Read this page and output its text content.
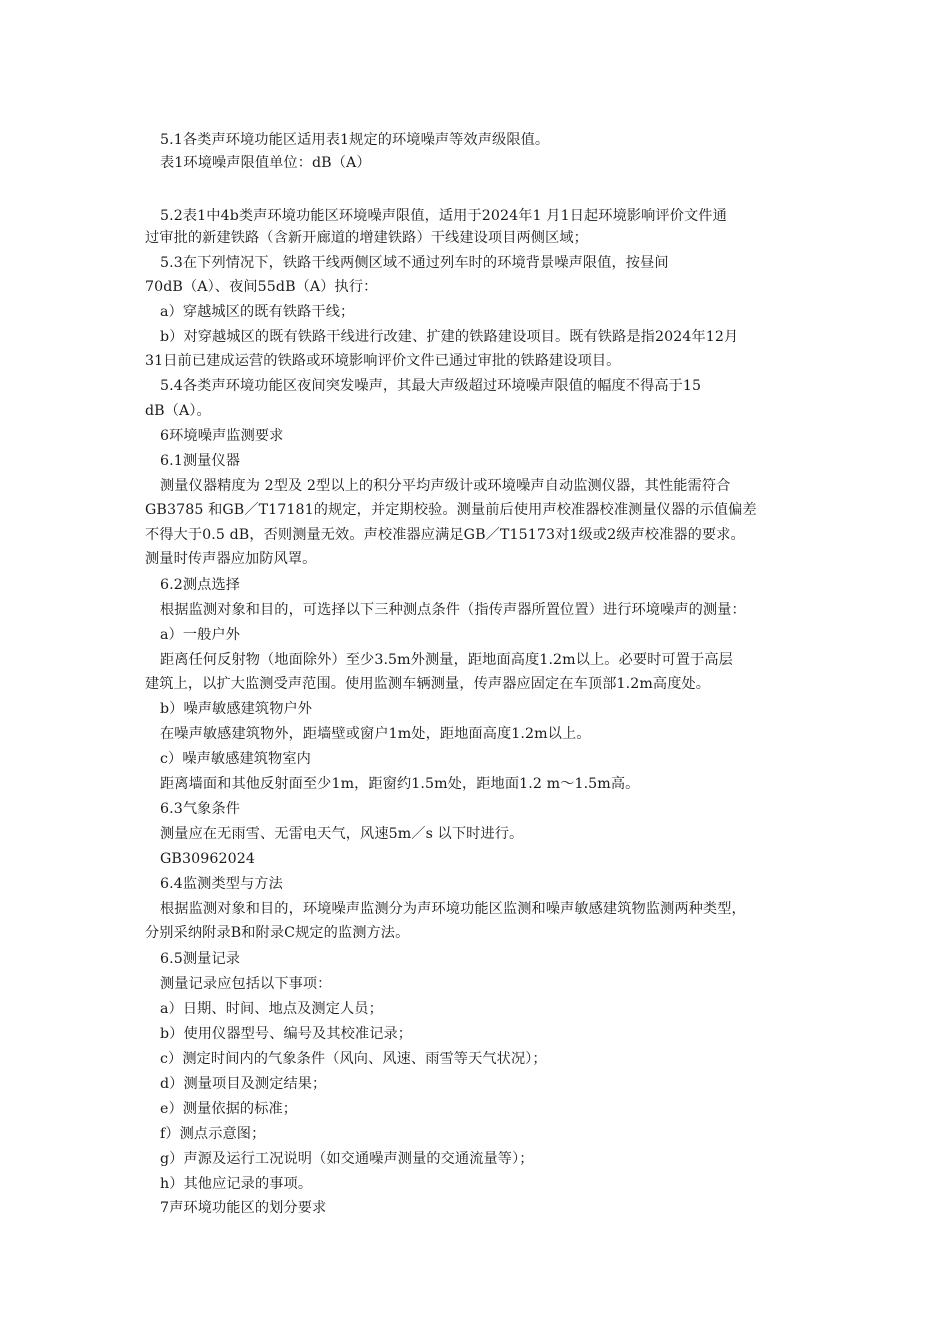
5.1各类声环境功能区适用表1规定的环境噪声等效声级限值。
表1环境噪声限值单位：dB（A）
5.2表1中4b类声环境功能区环境噪声限值，适用于2024年1 月1日起环境影响评价文件通
过审批的新建铁路（含新开廊道的增建铁路）干线建设项目两侧区域；
5.3在下列情况下，铁路干线两侧区域不通过列车时的环境背景噪声限值，按昼间
70dB（A）、夜间55dB（A）执行：
a）穿越城区的既有铁路干线；
b）对穿越城区的既有铁路干线进行改建、扩建的铁路建设项目。既有铁路是指2024年12月
31日前已建成运营的铁路或环境影响评价文件已通过审批的铁路建设项目。
5.4各类声环境功能区夜间突发噪声，其最大声级超过环境噪声限值的幅度不得高于15
dB（A）。
6环境噪声监测要求
6.1测量仪器
测量仪器精度为 2型及 2型以上的积分平均声级计或环境噪声自动监测仪器，其性能需符合
GB3785 和GB／T17181的规定，并定期校验。测量前后使用声校准器校准测量仪器的示值偏差
不得大于0.5 dB，否则测量无效。声校准器应满足GB／T15173对1级或2级声校准器的要求。
测量时传声器应加防风罩。
6.2测点选择
根据监测对象和目的，可选择以下三种测点条件（指传声器所置位置）进行环境噪声的测量：
a）一般户外
距离任何反射物（地面除外）至少3.5m外测量，距地面高度1.2m以上。必要时可置于高层
建筑上，以扩大监测受声范围。使用监测车辆测量，传声器应固定在车顶部1.2m高度处。
b）噪声敏感建筑物户外
在噪声敏感建筑物外，距墙壁或窗户1m处，距地面高度1.2m以上。
c）噪声敏感建筑物室内
距离墙面和其他反射面至少1m，距窗约1.5m处，距地面1.2 m～1.5m高。
6.3气象条件
测量应在无雨雪、无雷电天气，风速5m／s 以下时进行。
GB30962024
6.4监测类型与方法
根据监测对象和目的，环境噪声监测分为声环境功能区监测和噪声敏感建筑物监测两种类型，
分别采纳附录B和附录C规定的监测方法。
6.5测量记录
测量记录应包括以下事项：
a）日期、时间、地点及测定人员；
b）使用仪器型号、编号及其校准记录；
c）测定时间内的气象条件（风向、风速、雨雪等天气状况）；
d）测量项目及测定结果；
e）测量依据的标准；
f）测点示意图；
g）声源及运行工况说明（如交通噪声测量的交通流量等）；
h）其他应记录的事项。
7声环境功能区的划分要求
